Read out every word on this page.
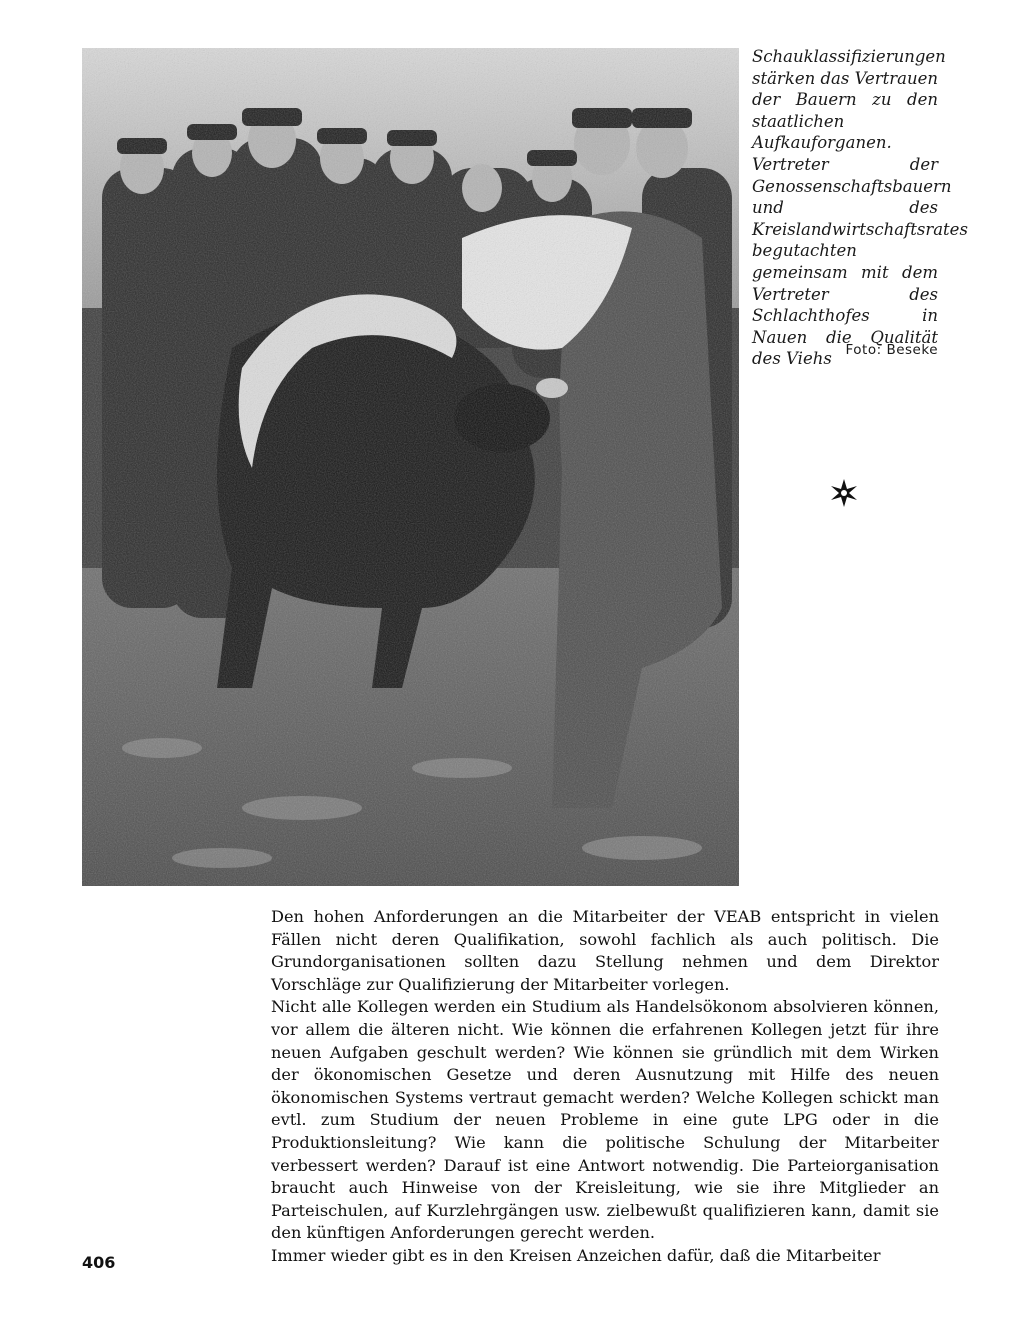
Schauklassifizierungen stärken das Vertrauen der Bauern zu den staatlichen Aufkauforganen.

Vertreter der Genossenschaftsbauern und des Kreislandwirtschaftsrates begutachten gemeinsam mit dem Vertreter des Schlachthofes in Nauen die Qualität des Viehs	Foto: Beseke

Den hohen Anforderungen an die Mitarbeiter der VEAB entspricht in vielen Fällen nicht deren Qualifikation, sowohl fachlich als auch politisch. Die Grundorganisationen sollten dazu Stellung nehmen und dem Direktor Vorschläge zur Qualifizierung der Mitarbeiter vorlegen.

Nicht alle Kollegen werden ein Studium als Handelsökonom absolvieren können, vor allem die älteren nicht. Wie können die erfahrenen Kollegen jetzt für ihre neuen Aufgaben geschult werden? Wie können sie gründlich mit dem Wirken der ökonomischen Gesetze und deren Ausnutzung mit Hilfe des neuen ökonomischen Systems vertraut gemacht werden? Welche Kollegen schickt man evtl. zum Studium der neuen Probleme in eine gute LPG oder in die Produktionsleitung? Wie kann die politische Schulung der Mitarbeiter verbessert werden? Darauf ist eine Antwort notwendig. Die Parteiorganisation braucht auch Hinweise von der Kreisleitung, wie sie ihre Mitglieder an Parteischulen, auf Kurzlehrgängen usw. zielbewußt qualifizieren kann, damit sie den künftigen Anforderungen gerecht werden.

Immer wieder gibt es in den Kreisen Anzeichen dafür, daß die Mitarbeiter

406
